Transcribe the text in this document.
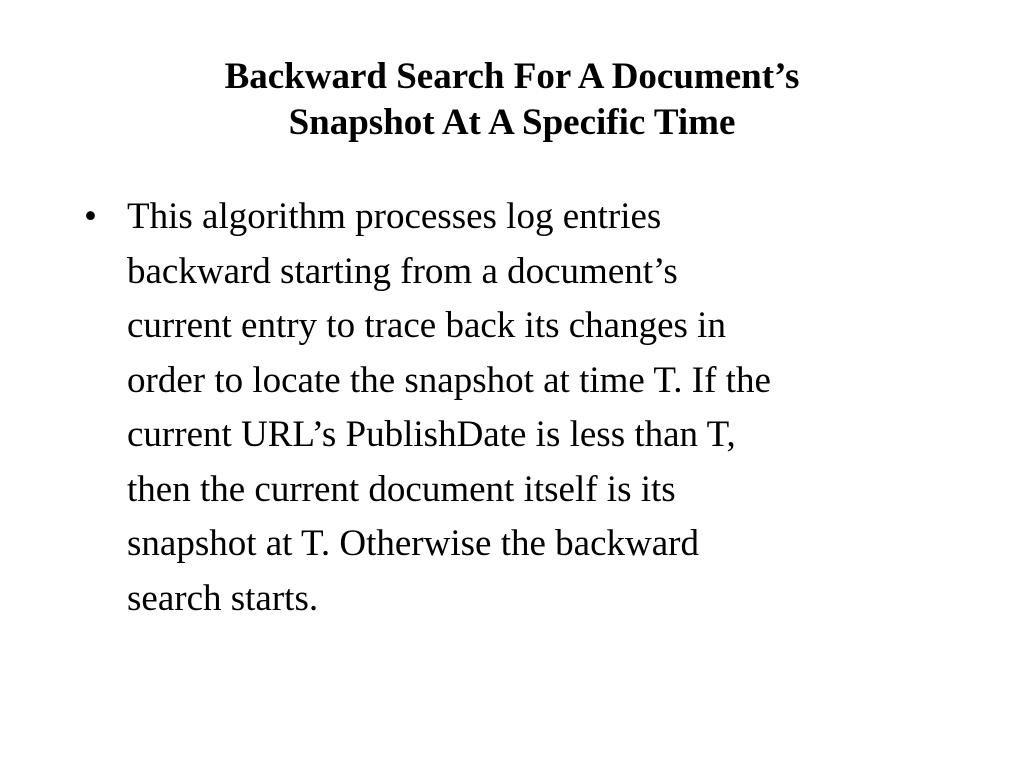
Backward Search For A Document’s
Snapshot At A Specific Time
• This algorithm processes log entries
backward starting from a document’s
current entry to trace back its changes in
order to locate the snapshot at time T. If the
current URL’s PublishDate is less than T,
then the current document itself is its
snapshot at T. Otherwise the backward
search starts.
